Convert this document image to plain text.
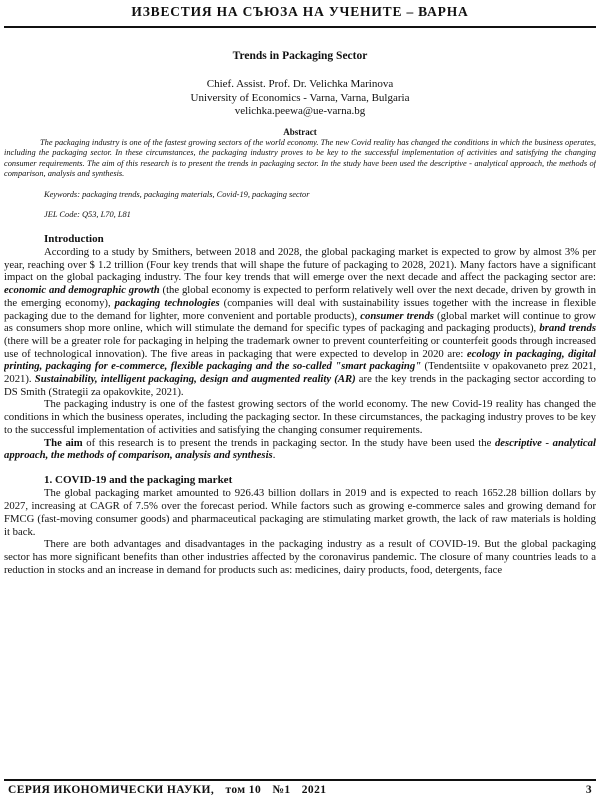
ИЗВЕСТИЯ НА СЪЮЗА НА УЧЕНИТЕ – ВАРНА
Trends in Packaging Sector
Chief. Assist. Prof. Dr. Velichka Marinova
University of Economics - Varna, Varna, Bulgaria
velichka.peewa@ue-varna.bg
Abstract

The packaging industry is one of the fastest growing sectors of the world economy. The new Covid reality has changed the conditions in which the business operates, including the packaging sector. In these circumstances, the packaging industry proves to be key to the successful implementation of activities and satisfying the changing consumer requirements. The aim of this research is to present the trends in packaging sector. In the study have been used the descriptive - analytical approach, the methods of comparison, analysis and synthesis.

Keywords: packaging trends, packaging materials, Covid-19, packaging sector
JEL Code: Q53, L70, L81
Introduction

According to a study by Smithers, between 2018 and 2028, the global packaging market is expected to grow by almost 3% per year, reaching over $ 1.2 trillion (Four key trends that will shape the future of packaging to 2028, 2021). Many factors have a significant impact on the global packaging industry. The four key trends that will emerge over the next decade and affect the packaging sector are: economic and demographic growth (the global economy is expected to perform relatively well over the next decade, driven by growth in the emerging economy), packaging technologies (companies will deal with sustainability issues together with the increase in flexible packaging due to the demand for lighter, more convenient and portable products), consumer trends (global market will continue to grow as consumers shop more online, which will stimulate the demand for specific types of packaging and packaging products), brand trends (there will be a greater role for packaging in helping the trademark owner to prevent counterfeiting or counterfeit goods through increased use of technological innovation). The five areas in packaging that were expected to develop in 2020 are: ecology in packaging, digital printing, packaging for e-commerce, flexible packaging and the so-called "smart packaging" (Tendentsiite v opakovaneto prez 2021, 2021). Sustainability, intelligent packaging, design and augmented reality (AR) are the key trends in the packaging sector according to DS Smith (Strategii za opakovkite, 2021).

The packaging industry is one of the fastest growing sectors of the world economy. The new Covid-19 reality has changed the conditions in which the business operates, including the packaging sector. In these circumstances, the packaging industry proves to be key to the successful implementation of activities and satisfying the changing consumer requirements.

The aim of this research is to present the trends in packaging sector. In the study have been used the descriptive - analytical approach, the methods of comparison, analysis and synthesis.

1. COVID-19 and the packaging market

The global packaging market amounted to 926.43 billion dollars in 2019 and is expected to reach 1652.28 billion dollars by 2027, increasing at CAGR of 7.5% over the forecast period. While factors such as growing e-commerce sales and growing demand for FMCG (fast-moving consumer goods) and pharmaceutical packaging are stimulating market growth, the lack of raw materials is holding it back.

There are both advantages and disadvantages in the packaging industry as a result of COVID-19. But the global packaging sector has more significant benefits than other industries affected by the coronavirus pandemic. The closure of many countries leads to a reduction in stocks and an increase in demand for products such as: medicines, dairy products, food, detergents, face

СЕРИЯ ИКОНОМИЧЕСКИ НАУКИ, том 10 №1 2021	3
